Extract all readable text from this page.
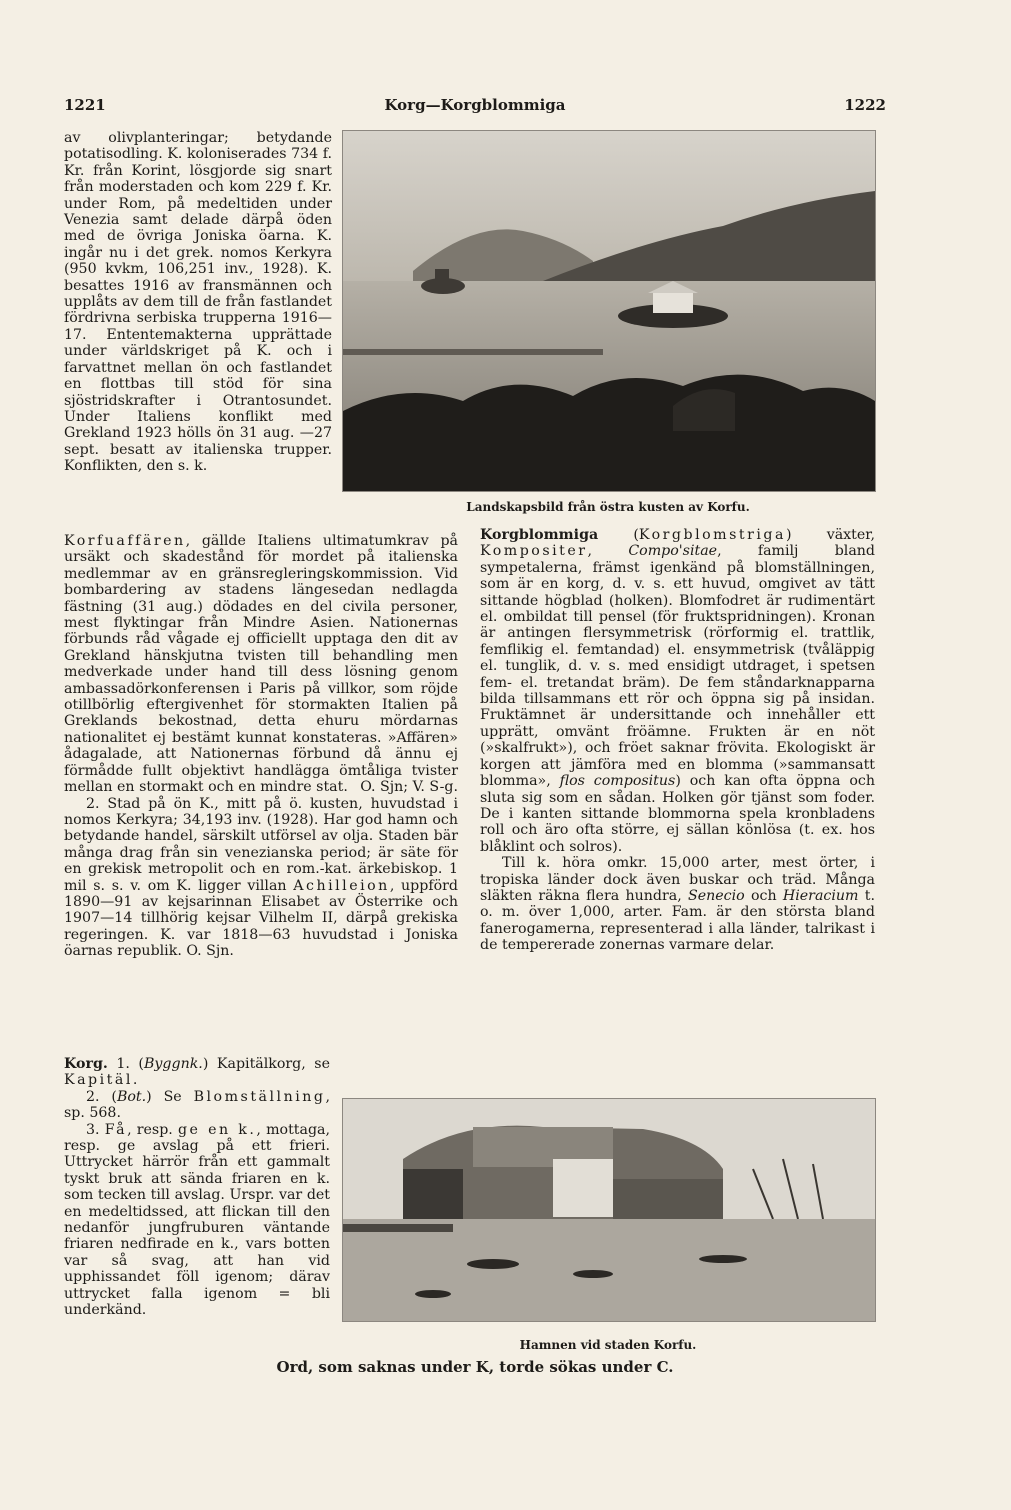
1221	Korg—Korgblommiga	1222

av olivplanteringar; betydande potatisodling. K. koloniserades 734 f. Kr. från Korint, lösgjorde sig snart från moderstaden och kom 229 f. Kr. under Rom, på medeltiden under Venezia samt delade därpå öden med de övriga Joniska öarna. K. ingår nu i det grek. nomos Kerkyra (950 kvkm, 106,251 inv., 1928). K. besattes 1916 av fransmännen och upplåts av dem till de från fastlandet fördrivna serbiska trupperna 1916—17. Ententemakterna upprättade under världskriget på K. och i farvattnet mellan ön och fastlandet en flottbas till stöd för sina sjöstridskrafter i Otrantosundet. Under Italiens konflikt med Grekland 1923 hölls ön 31 aug. —27 sept. besatt av italienska trupper. Konflikten, den s. k.

Korfuaffären, gällde Italiens ultimatumkrav på ursäkt och skadestånd för mordet på italienska medlemmar av en gränsregleringskommission. Vid bombardering av stadens längesedan nedlagda fästning (31 aug.) dödades en del civila personer, mest flyktingar från Mindre Asien. Nationernas förbunds råd vågade ej officiellt upptaga den dit av Grekland hänskjutna tvisten till behandling men medverkade under hand till dess lösning genom ambassadörkonferensen i Paris på villkor, som röjde otillbörlig eftergivenhet för stormakten Italien på Greklands bekostnad, detta ehuru mördarnas nationalitet ej bestämt kunnat konstateras. »Affären» ådagalade, att Nationernas förbund då ännu ej förmådde fullt objektivt handlägga ömtåliga tvister mellan en stormakt och en mindre stat. O. Sjn; V. S-g.

2. Stad på ön K., mitt på ö. kusten, huvudstad i nomos Kerkyra; 34,193 inv. (1928). Har god hamn och betydande handel, särskilt utförsel av olja. Staden bär många drag från sin venezianska period; är säte för en grekisk metropolit och en rom.-kat. ärkebiskop. 1 mil s. s. v. om K. ligger villan Achilleion, uppförd 1890—91 av kejsarinnan Elisabet av Österrike och 1907—14 tillhörig kejsar Vilhelm II, därpå grekiska regeringen. K. var 1818—63 huvudstad i Joniska öarnas republik. O. Sjn.

Korg. 1. (Byggnk.) Kapitälkorg, se Kapitäl.

2. (Bot.) Se Blomställning, sp. 568.

3. Få, resp. ge en k., mottaga, resp. ge avslag på ett frieri. Uttrycket härrör från ett gammalt tyskt bruk att sända friaren en k. som tecken till avslag. Urspr. var det en medeltidssed, att flickan till den nedanför jungfruburen väntande friaren nedfirade en k., vars botten var så svag, att han vid upphissandet föll igenom; därav uttrycket falla igenom = bli underkänd.

Korgblommiga (Korgblomstriga) växter, Kompositer,	Compo'sitae, familj bland sympetalerna, främst igenkänd på blomställningen, som är en korg, d. v. s. ett huvud, omgivet av tätt sittande högblad (holken). Blomfodret är rudimentärt el. ombildat till pensel (för fruktspridningen). Kronan är antingen flersymmetrisk (rörformig el. trattlik, femflikig el. femtandad) el. ensymmetrisk (tvåläppig el. tunglik, d. v. s. med ensidigt utdraget, i spetsen fem- el. tretandat bräm). De fem ståndarknapparna bilda tillsammans ett rör och öppna sig på insidan. Fruktämnet är undersittande och innehåller ett upprätt, omvänt fröämne. Frukten är en nöt (»skalfrukt»), och fröet saknar frövita. Ekologiskt är korgen att jämföra med en blomma (»sammansatt blomma», flos compositus) och kan ofta öppna och sluta sig som en sådan. Holken gör tjänst som foder. De i kanten sittande blommorna spela kronbladens roll och äro ofta större, ej sällan könlösa (t. ex. hos blåklint och solros).

Till k. höra omkr. 15,000 arter, mest örter, i tropiska länder dock även buskar och träd. Många släkten räkna flera hundra, Senecio och Hieracium t. o. m. över 1,000, arter. Fam. är den största bland fanerogamerna, representerad i alla länder, talrikast i de tempererade zonernas varmare delar.

Landskapsbild från östra kusten av Korfu.
Hamnen vid staden Korfu.
Ord, som saknas under K, torde sökas under C.
